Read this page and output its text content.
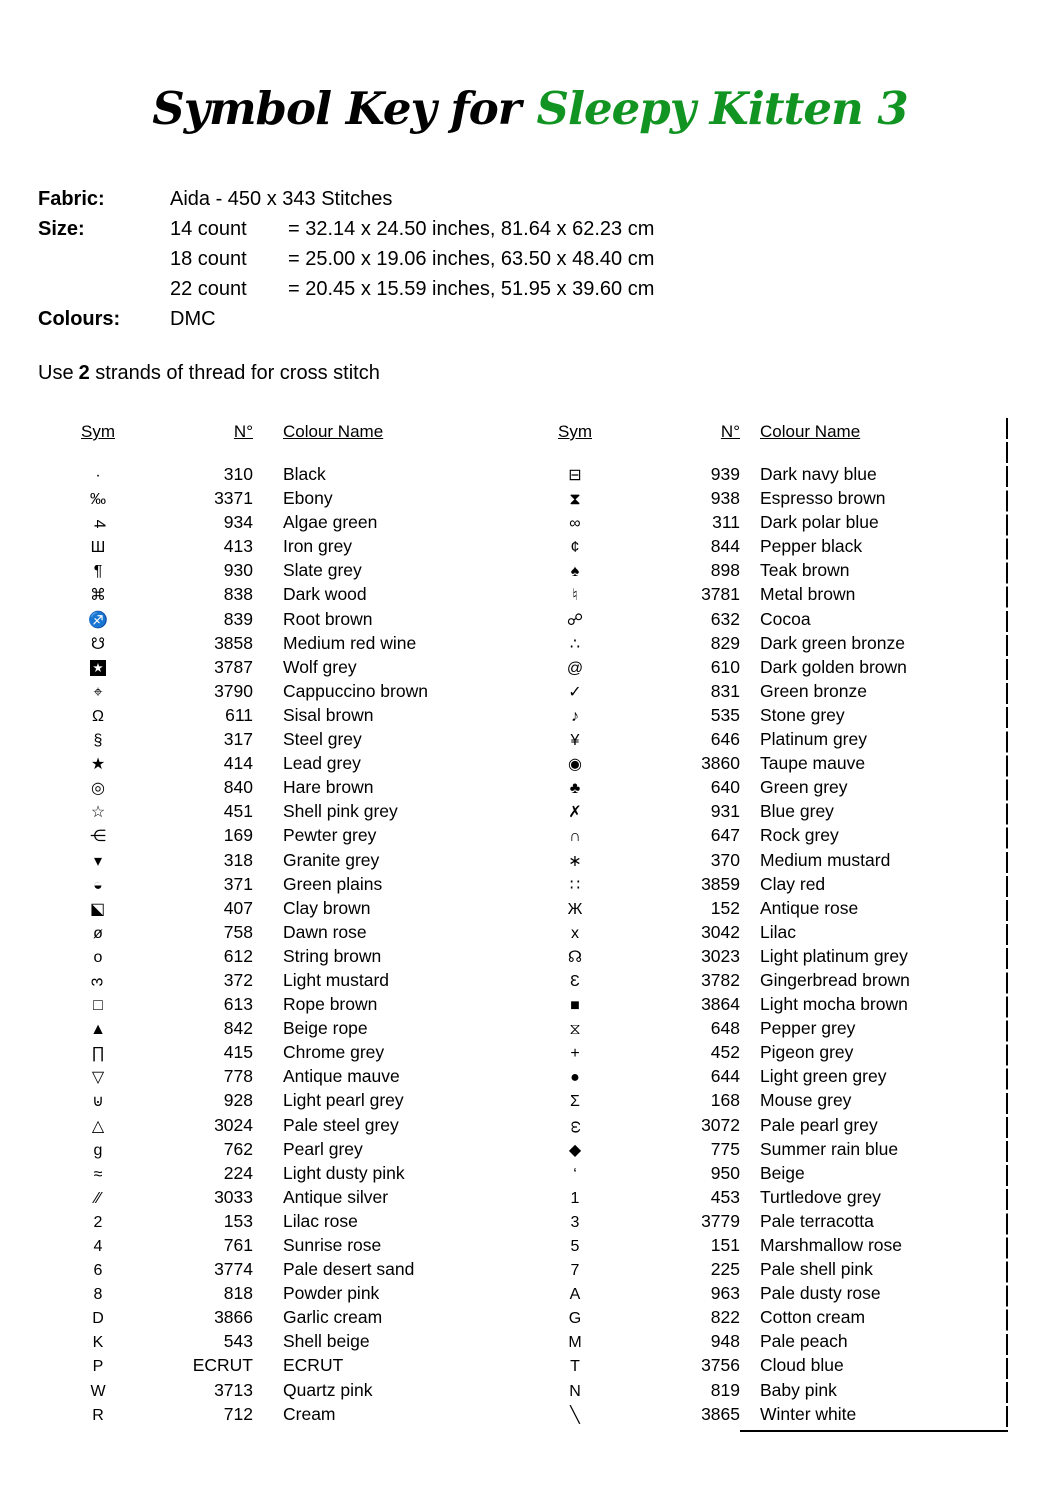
Symbol Key for Sleepy Kitten 3
Fabric:	Aida - 450 x 343 Stitches
Size:	14 count = 32.14 x 24.50 inches, 81.64 x 62.23 cm
18 count = 25.00 x 19.06 inches, 63.50 x 48.40 cm
22 count = 20.45 x 15.59 inches, 51.95 x 39.60 cm
Colours:	DMC
Use 2 strands of thread for cross stitch
Sym	N°	Colour Name
·	310	Black
‰	3371	Ebony
4	934	Algae green
Ш	413	Iron grey
¶	930	Slate grey
⌘	838	Dark wood
♐	839	Root brown
☋	3858	Medium red wine
★	3787	Wolf grey
⌖	3790	Cappuccino brown
Ω	611	Sisal brown
§	317	Steel grey
★	414	Lead grey
◎	840	Hare brown
☆	451	Shell pink grey
⋲	169	Pewter grey
▾	318	Granite grey
◒	371	Green plains
◪	407	Clay brown
ø	758	Dawn rose
o	612	String brown
3	372	Light mustard
□	613	Rope brown
▲	842	Beige rope
∏	415	Chrome grey
▽	778	Antique mauve
⊍	928	Light pearl grey
△	3024	Pale steel grey
g	762	Pearl grey
≈	224	Light dusty pink
∕∕	3033	Antique silver
2	153	Lilac rose
4	761	Sunrise rose
6	3774	Pale desert sand
8	818	Powder pink
D	3866	Garlic cream
K	543	Shell beige
P	ECRUT	ECRUT
W	3713	Quartz pink
R	712	Cream
Sym	N°	Colour Name
⊟	939	Dark navy blue
⧗	938	Espresso brown
∞	311	Dark polar blue
¢	844	Pepper black
♠	898	Teak brown
♮	3781	Metal brown
☍	632	Cocoa
∴	829	Dark green bronze
@	610	Dark golden brown
✓	831	Green bronze
♪	535	Stone grey
¥	646	Platinum grey
◉	3860	Taupe mauve
♣	640	Green grey
✗	931	Blue grey
∩	647	Rock grey
∗	370	Medium mustard
∷	3859	Clay red
Ж	152	Antique rose
x	3042	Lilac
☊	3023	Light platinum grey
Ɛ	3782	Gingerbread brown
■	3864	Light mocha brown
⧖	648	Pepper grey
+	452	Pigeon grey
●	644	Light green grey
Σ	168	Mouse grey
ω	3072	Pale pearl grey
◆	775	Summer rain blue
‘	950	Beige
1	453	Turtledove grey
3	3779	Pale terracotta
5	151	Marshmallow rose
7	225	Pale shell pink
A	963	Pale dusty rose
G	822	Cotton cream
M	948	Pale peach
T	3756	Cloud blue
N	819	Baby pink
╲	3865	Winter white
